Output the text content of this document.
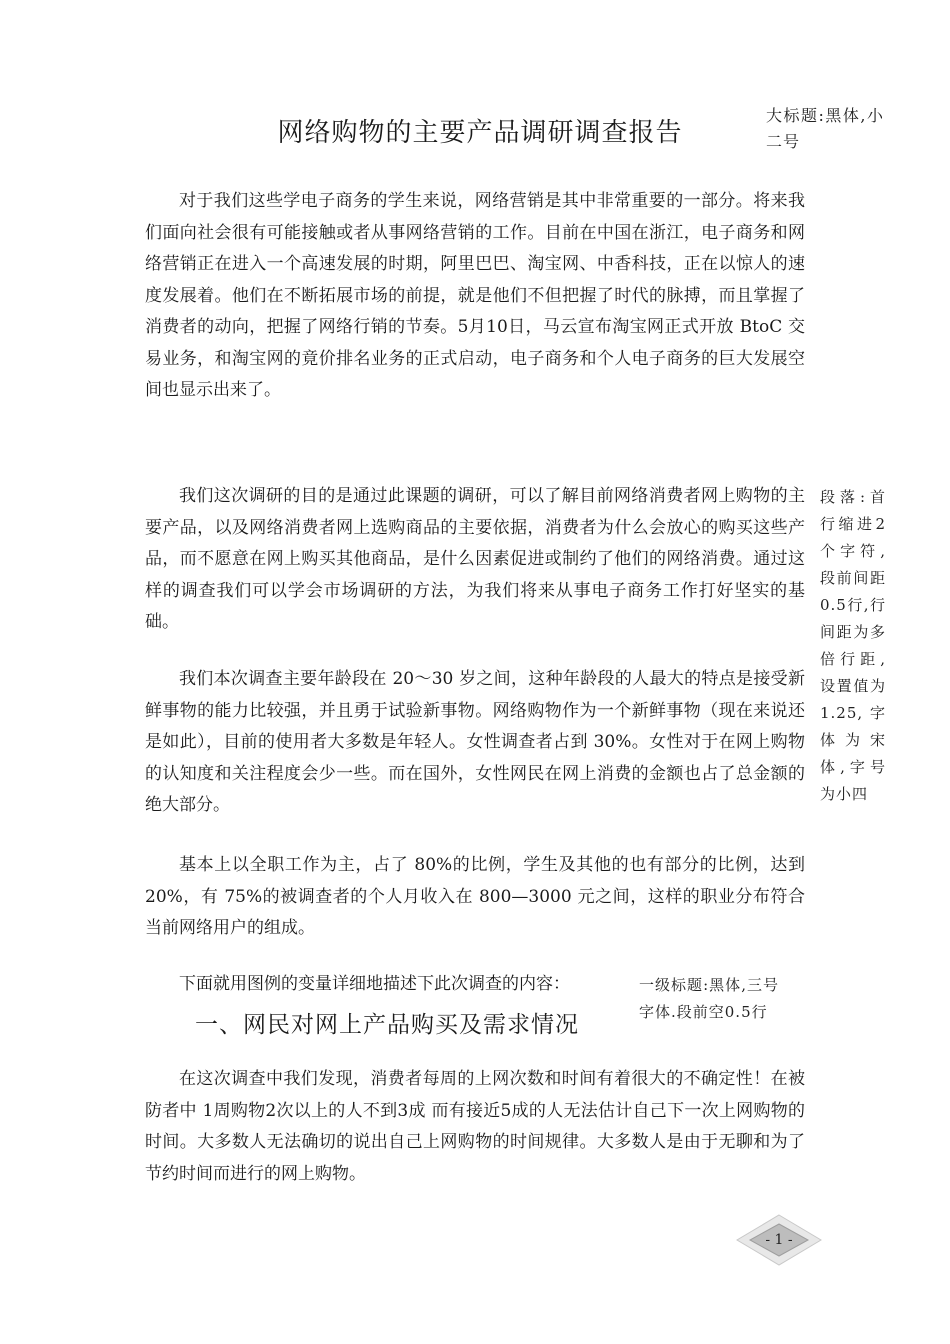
网络购物的主要产品调研调查报告
大标题:黑体,小二号

对于我们这些学电子商务的学生来说，网络营销是其中非常重要的一部分。将来我们面向社会很有可能接触或者从事网络营销的工作。目前在中国在浙江，电子商务和网络营销正在进入一个高速发展的时期，阿里巴巴、淘宝网、中香科技，正在以惊人的速度发展着。他们在不断拓展市场的前提，就是他们不但把握了时代的脉搏，而且掌握了消费者的动向，把握了网络行销的节奏。5月10日，马云宣布淘宝网正式开放 BtoC 交易业务，和淘宝网的竟价排名业务的正式启动，电子商务和个人电子商务的巨大发展空间也显示出来了。

我们这次调研的目的是通过此课题的调研，可以了解目前网络消费者网上购物的主要产品，以及网络消费者网上选购商品的主要依据，消费者为什么会放心的购买这些产品，而不愿意在网上购买其他商品，是什么因素促进或制约了他们的网络消费。通过这样的调查我们可以学会市场调研的方法，为我们将来从事电子商务工作打好坚实的基础。

段落:首行缩进2个字符,段前间距 0.5行,行间距为多倍行距,设置值为 1.25,字体为宋体,字号为小四

我们本次调查主要年龄段在 20～30 岁之间，这种年龄段的人最大的特点是接受新鲜事物的能力比较强，并且勇于试验新事物。网络购物作为一个新鲜事物（现在来说还是如此），目前的使用者大多数是年轻人。女性调查者占到 30%。女性对于在网上购物的认知度和关注程度会少一些。而在国外，女性网民在网上消费的金额也占了总金额的绝大部分。

基本上以全职工作为主，占了 80%的比例，学生及其他的也有部分的比例，达到 20%，有 75%的被调查者的个人月收入在 800—3000 元之间，这样的职业分布符合当前网络用户的组成。

下面就用图例的变量详细地描述下此次调查的内容：	一级标题:黑体,三号字体.段前空0.5行
一、网民对网上产品购买及需求情况

在这次调查中我们发现，消费者每周的上网次数和时间有着很大的不确定性！在被防者中 1周购物2次以上的人不到3成 而有接近5成的人无法估计自己下一次上网购物的时间。大多数人无法确切的说出自己上网购物的时间规律。大多数人是由于无聊和为了节约时间而进行的网上购物。

- 1 -
